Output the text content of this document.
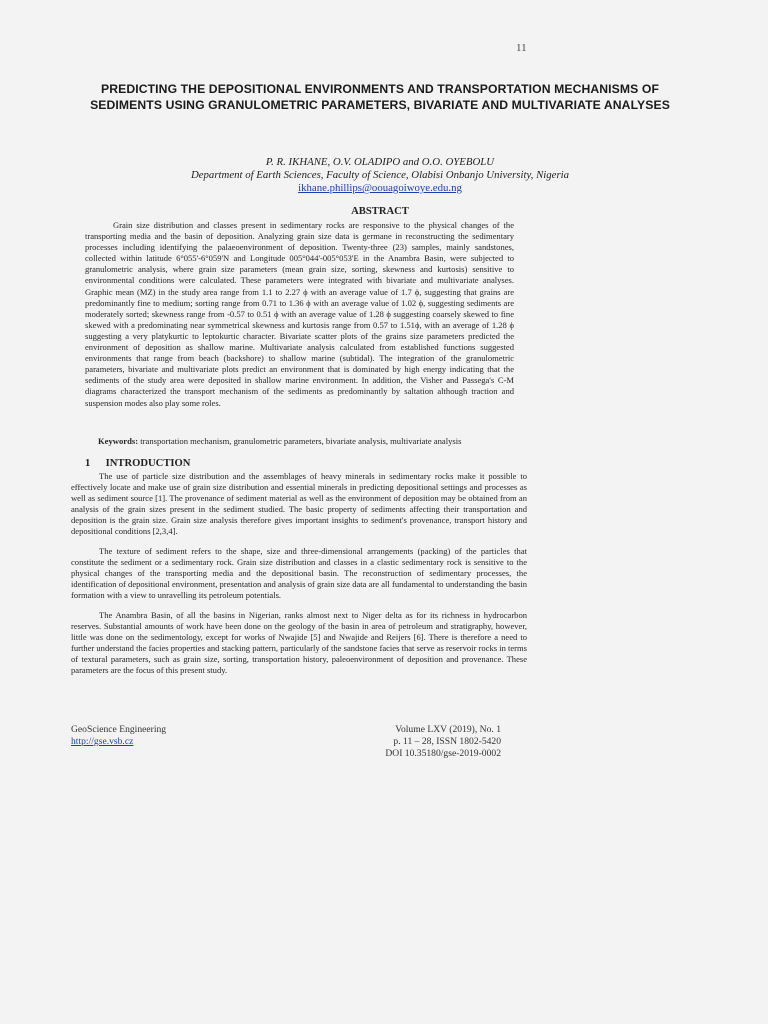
11
PREDICTING THE DEPOSITIONAL ENVIRONMENTS AND TRANSPORTATION MECHANISMS OF SEDIMENTS USING GRANULOMETRIC PARAMETERS, BIVARIATE AND MULTIVARIATE ANALYSES
P. R. IKHANE, O.V. OLADIPO and O.O. OYEBOLU
Department of Earth Sciences, Faculty of Science, Olabisi Onbanjo University, Nigeria
ikhane.phillips@oouagoiwoye.edu.ng
ABSTRACT
Grain size distribution and classes present in sedimentary rocks are responsive to the physical changes of the transporting media and the basin of deposition. Analyzing grain size data is germane in reconstructing the sedimentary processes including identifying the palaeoenvironment of deposition. Twenty-three (23) samples, mainly sandstones, collected within latitude 6°055'-6°059'N and Longitude 005°044'-005°053'E in the Anambra Basin, were subjected to granulometric analysis, where grain size parameters (mean grain size, sorting, skewness and kurtosis) sensitive to environmental conditions were calculated. These parameters were integrated with bivariate and multivariate analyses. Graphic mean (MZ) in the study area range from 1.1 to 2.27 ϕ with an average value of 1.7 ϕ, suggesting that grains are predominantly fine to medium; sorting range from 0.71 to 1.36 ϕ with an average value of 1.02 ϕ, suggesting sediments are moderately sorted; skewness range from -0.57 to 0.51 ϕ with an average value of 1.28 ϕ suggesting coarsely skewed to fine skewed with a predominating near symmetrical skewness and kurtosis range from 0.57 to 1.51ϕ, with an average of 1.28 ϕ suggesting a very platykurtic to leptokurtic character. Bivariate scatter plots of the grains size parameters predicted the environment of deposition as shallow marine. Multivariate analysis calculated from established functions suggested environments that range from beach (backshore) to shallow marine (subtidal). The integration of the granulometric parameters, bivariate and multivariate plots predict an environment that is dominated by high energy indicating that the sediments of the study area were deposited in shallow marine environment. In addition, the Visher and Passega's C-M diagrams characterized the transport mechanism of the sediments as predominantly by saltation although traction and suspension modes also play some roles.
Keywords: transportation mechanism, granulometric parameters, bivariate analysis, multivariate analysis
1 INTRODUCTION

The use of particle size distribution and the assemblages of heavy minerals in sedimentary rocks make it possible to effectively locate and make use of grain size distribution and essential minerals in predicting depositional settings and processes as well as sediment source [1]. The provenance of sediment material as well as the environment of deposition may be obtained from an analysis of the grain sizes present in the sediment studied. The basic property of sediments affecting their transportation and deposition is the grain size. Grain size analysis therefore gives important insights to sediment's provenance, transport history and depositional conditions [2,3,4].

The texture of sediment refers to the shape, size and three-dimensional arrangements (packing) of the particles that constitute the sediment or a sedimentary rock. Grain size distribution and classes in a clastic sedimentary rock is sensitive to the physical changes of the transporting media and the depositional basin. The reconstruction of sedimentary processes, the identification of depositional environment, presentation and analysis of grain size data are all fundamental to understanding the basin formation with a view to unravelling its petroleum potentials.

The Anambra Basin, of all the basins in Nigerian, ranks almost next to Niger delta as for its richness in hydrocarbon reserves. Substantial amounts of work have been done on the geology of the basin in area of petroleum and stratigraphy, however, little was done on the sedimentology, except for works of Nwajide [5] and Nwajide and Reijers [6]. There is therefore a need to further understand the facies properties and stacking pattern, particularly of the sandstone facies that serve as reservoir rocks in terms of textural parameters, such as grain size, sorting, transportation history, paleoenvironment of deposition and provenance. These parameters are the focus of this present study.

GeoScience Engineering
http://gse.vsb.cz
Volume LXV (2019), No. 1
p. 11 – 28, ISSN 1802-5420
DOI 10.35180/gse-2019-0002
